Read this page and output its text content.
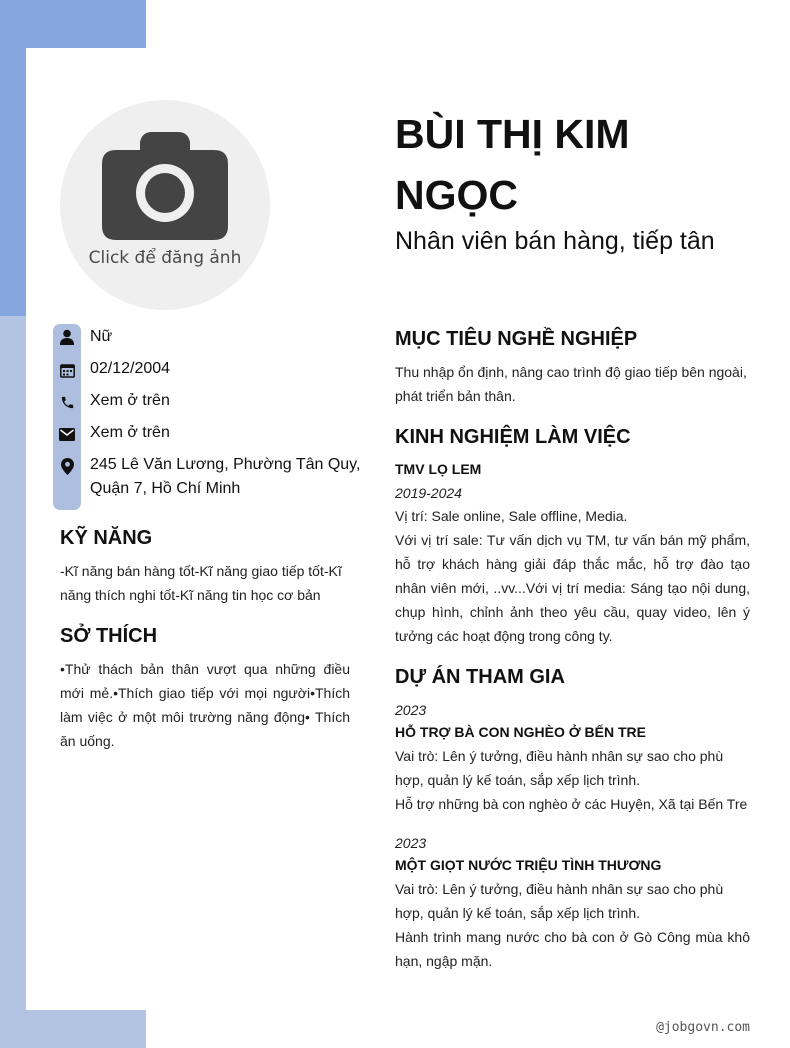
Click để đăng ảnh
BÙI THỊ KIM NGỌC
Nhân viên bán hàng, tiếp tân
Nữ
02/12/2004
Xem ở trên
Xem ở trên
245 Lê Văn Lương, Phường Tân Quy,
Quận 7, Hồ Chí Minh
KỸ NĂNG
-Kĩ năng bán hàng tốt-Kĩ năng giao tiếp tốt-Kĩ năng thích nghi tốt-Kĩ năng tin học cơ bản
SỞ THÍCH
•Thử thách bản thân vượt qua những điều mới mẻ.•Thích giao tiếp với mọi người•Thích làm việc ở một môi trường năng động• Thích ăn uống.
MỤC TIÊU NGHỀ NGHIỆP
Thu nhập ổn định, nâng cao trình độ giao tiếp bên ngoài, phát triển bản thân.
KINH NGHIỆM LÀM VIỆC
TMV LỌ LEM
2019-2024
Vị trí: Sale online, Sale offline, Media.
Với vị trí sale: Tư vấn dịch vụ TM, tư vấn bán mỹ phẩm, hỗ trợ khách hàng giải đáp thắc mắc, hỗ trợ đào tạo nhân viên mới, ..vv...Với vị trí media: Sáng tạo nội dung, chụp hình, chỉnh ảnh theo yêu cầu, quay video, lên ý tưởng các hoạt động trong công ty.
DỰ ÁN THAM GIA
2023
HỖ TRỢ BÀ CON NGHÈO Ở BẾN TRE
Vai trò: Lên ý tưởng, điều hành nhân sự sao cho phù hợp, quản lý kế toán, sắp xếp lịch trình.
Hỗ trợ những bà con nghèo ở các Huyện, Xã tại Bến Tre
2023
MỘT GIỌT NƯỚC TRIỆU TÌNH THƯƠNG
Vai trò: Lên ý tưởng, điều hành nhân sự sao cho phù hợp, quản lý kế toán, sắp xếp lịch trình.
Hành trình mang nước cho bà con ở Gò Công mùa khô hạn, ngập mặn.
@jobgovn.com
